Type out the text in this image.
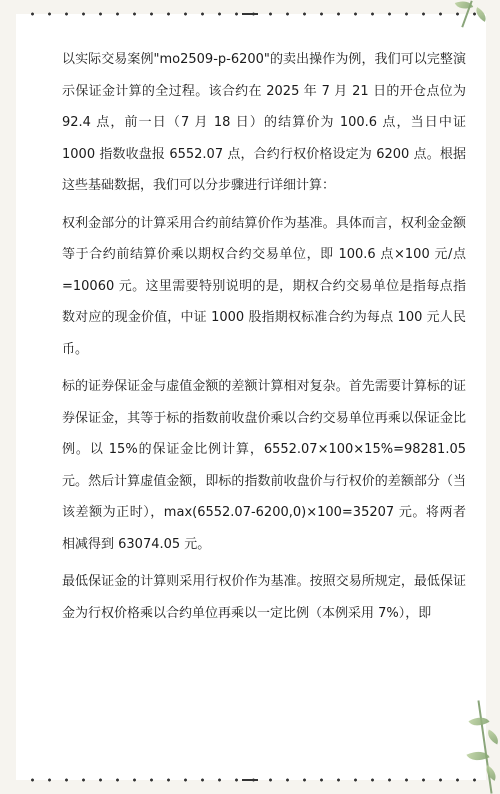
以实际交易案例"mo2509-p-6200"的卖出操作为例，我们可以完整演示保证金计算的全过程。该合约在 2025 年 7 月 21 日的开仓点位为 92.4 点，前一日（7 月 18 日）的结算价为 100.6 点，当日中证 1000 指数收盘报 6552.07 点，合约行权价格设定为 6200 点。根据这些基础数据，我们可以分步骤进行详细计算：

权利金部分的计算采用合约前结算价作为基准。具体而言，权利金金额等于合约前结算价乘以期权合约交易单位，即 100.6 点×100 元/点=10060 元。这里需要特别说明的是，期权合约交易单位是指每点指数对应的现金价值，中证 1000 股指期权标准合约为每点 100 元人民币。

标的证券保证金与虚值金额的差额计算相对复杂。首先需要计算标的证券保证金，其等于标的指数前收盘价乘以合约交易单位再乘以保证金比例。以 15%的保证金比例计算，6552.07×100×15%=98281.05 元。然后计算虚值金额，即标的指数前收盘价与行权价的差额部分（当该差额为正时），max(6552.07-6200,0)×100=35207 元。将两者相减得到 63074.05 元。

最低保证金的计算则采用行权价作为基准。按照交易所规定，最低保证金为行权价格乘以合约单位再乘以一定比例（本例采用 7%），即
